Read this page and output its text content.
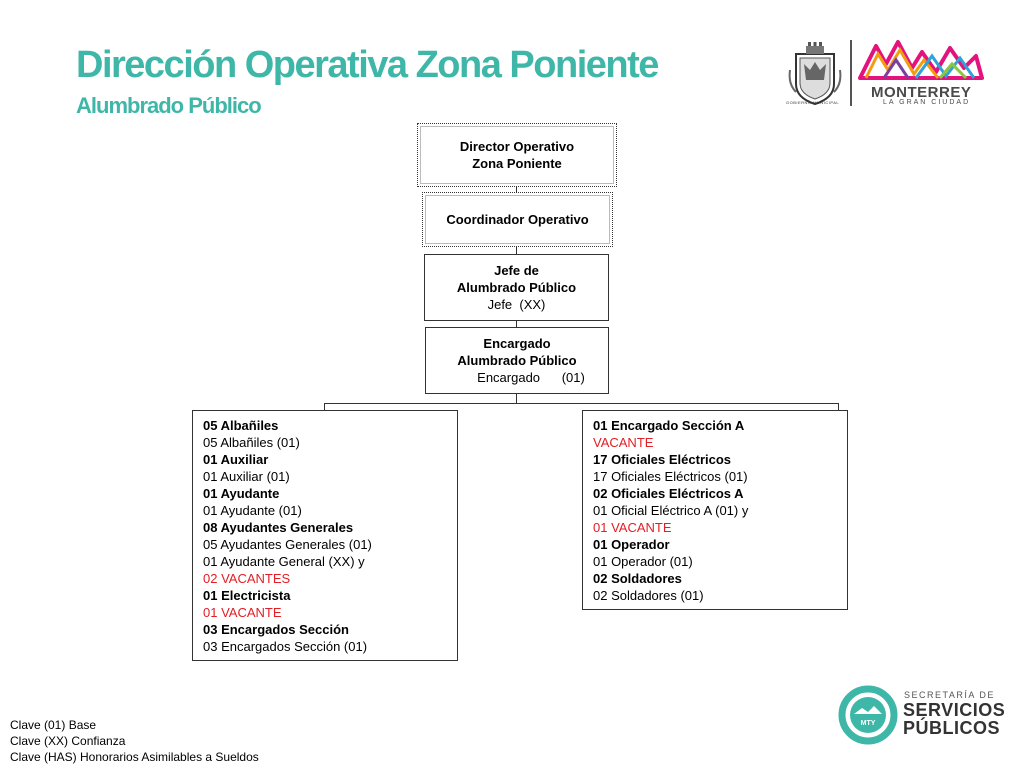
Dirección Operativa Zona Poniente
Alumbrado Público	GOBIERNO MUNICIPAL
MONTERREY
LA GRAN CIUDAD
Director Operativo
Zona Poniente
Coordinador Operativo
Jefe de
Alumbrado Público
Jefe  (XX)
Encargado
Alumbrado Público
Encargado      (01)
05 Albañiles
05 Albañiles (01)
01 Auxiliar
01 Auxiliar (01)
01 Ayudante
01 Ayudante (01)
08 Ayudantes Generales
05 Ayudantes Generales (01)
01 Ayudante General (XX) y
02 VACANTES
01 Electricista
01 VACANTE
03 Encargados Sección
03 Encargados Sección (01)
01 Encargado Sección A
VACANTE
17 Oficiales Eléctricos
17 Oficiales Eléctricos (01)
02 Oficiales Eléctricos A
01 Oficial Eléctrico A (01) y
01 VACANTE
01 Operador
01 Operador (01)
02 Soldadores
02 Soldadores (01)
Clave (01) Base
Clave (XX) Confianza
Clave (HAS) Honorarios Asimilables a Sueldos
MTY
SECRETARÍA DE
SERVICIOS
PÚBLICOS
